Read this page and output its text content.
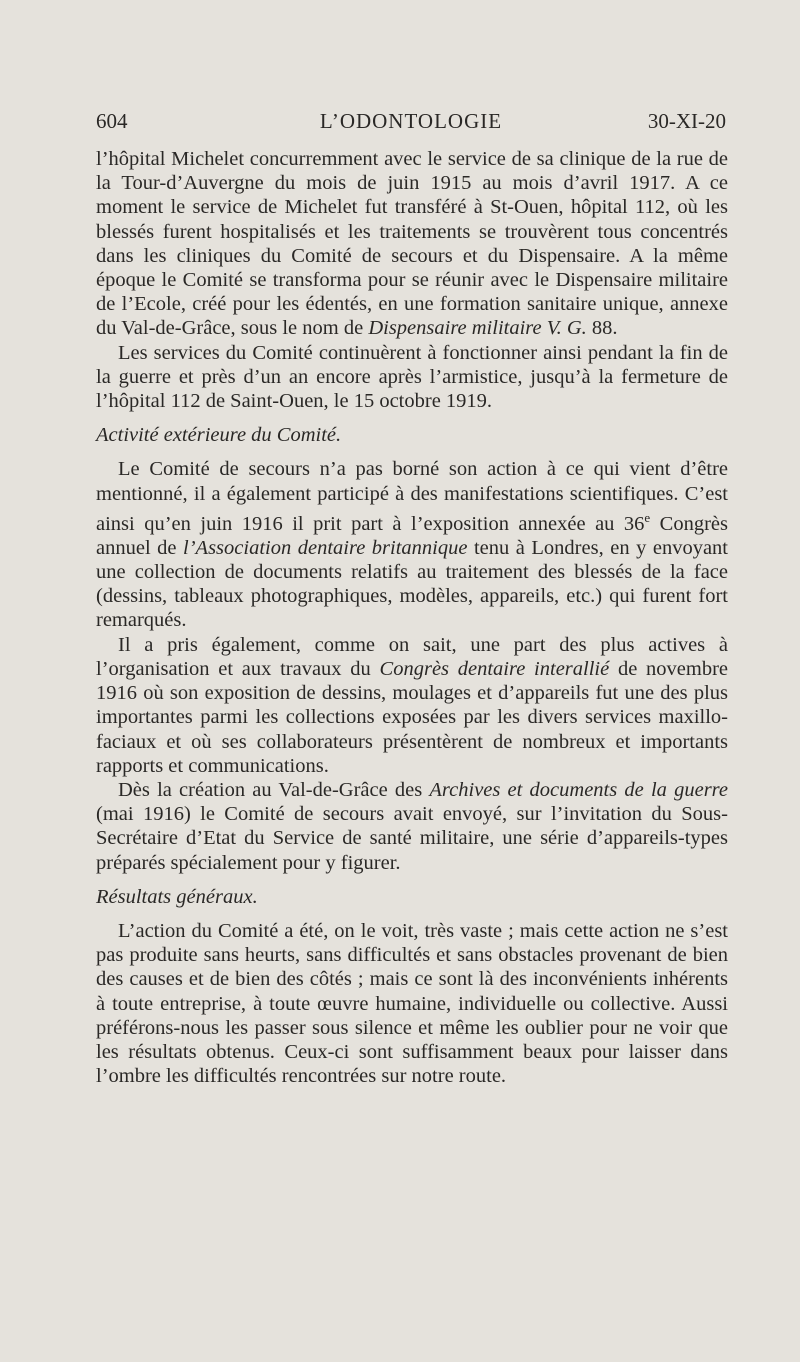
604	L’ODONTOLOGIE	30-XI-20

l’hôpital Michelet concurremment avec le service de sa clinique de la rue de la Tour-d’Auvergne du mois de juin 1915 au mois d’avril 1917. A ce moment le service de Michelet fut transféré à St-Ouen, hôpital 112, où les blessés furent hospitalisés et les traitements se trouvèrent tous concentrés dans les cliniques du Comité de secours et du Dispensaire. A la même époque le Comité se transforma pour se réunir avec le Dispensaire militaire de l’Ecole, créé pour les édentés, en une formation sanitaire unique, annexe du Val-de-Grâce, sous le nom de Dispensaire militaire V. G. 88.

Les services du Comité continuèrent à fonctionner ainsi pendant la fin de la guerre et près d’un an encore après l’armistice, jusqu’à la fermeture de l’hôpital 112 de Saint-Ouen, le 15 octobre 1919.

Activité extérieure du Comité.

Le Comité de secours n’a pas borné son action à ce qui vient d’être mentionné, il a également participé à des manifestations scientifiques. C’est ainsi qu’en juin 1916 il prit part à l’exposition annexée au 36e Congrès annuel de l’Association dentaire britannique tenu à Londres, en y envoyant une collection de documents relatifs au traitement des blessés de la face (dessins, tableaux photographiques, modèles, appareils, etc.) qui furent fort remarqués.

Il a pris également, comme on sait, une part des plus actives à l’organisation et aux travaux du Congrès dentaire interallié de novembre 1916 où son exposition de dessins, moulages et d’appareils fut une des plus importantes parmi les collections exposées par les divers services maxillo-faciaux et où ses collaborateurs présentèrent de nombreux et importants rapports et communications.

Dès la création au Val-de-Grâce des Archives et documents de la guerre (mai 1916) le Comité de secours avait envoyé, sur l’invitation du Sous-Secrétaire d’Etat du Service de santé militaire, une série d’appareils-types préparés spécialement pour y figurer.

Résultats généraux.

L’action du Comité a été, on le voit, très vaste ; mais cette action ne s’est pas produite sans heurts, sans difficultés et sans obstacles provenant de bien des causes et de bien des côtés ; mais ce sont là des inconvénients inhérents à toute entreprise, à toute œuvre humaine, individuelle ou collective. Aussi préférons-nous les passer sous silence et même les oublier pour ne voir que les résultats obtenus. Ceux-ci sont suffisamment beaux pour laisser dans l’ombre les difficultés rencontrées sur notre route.
